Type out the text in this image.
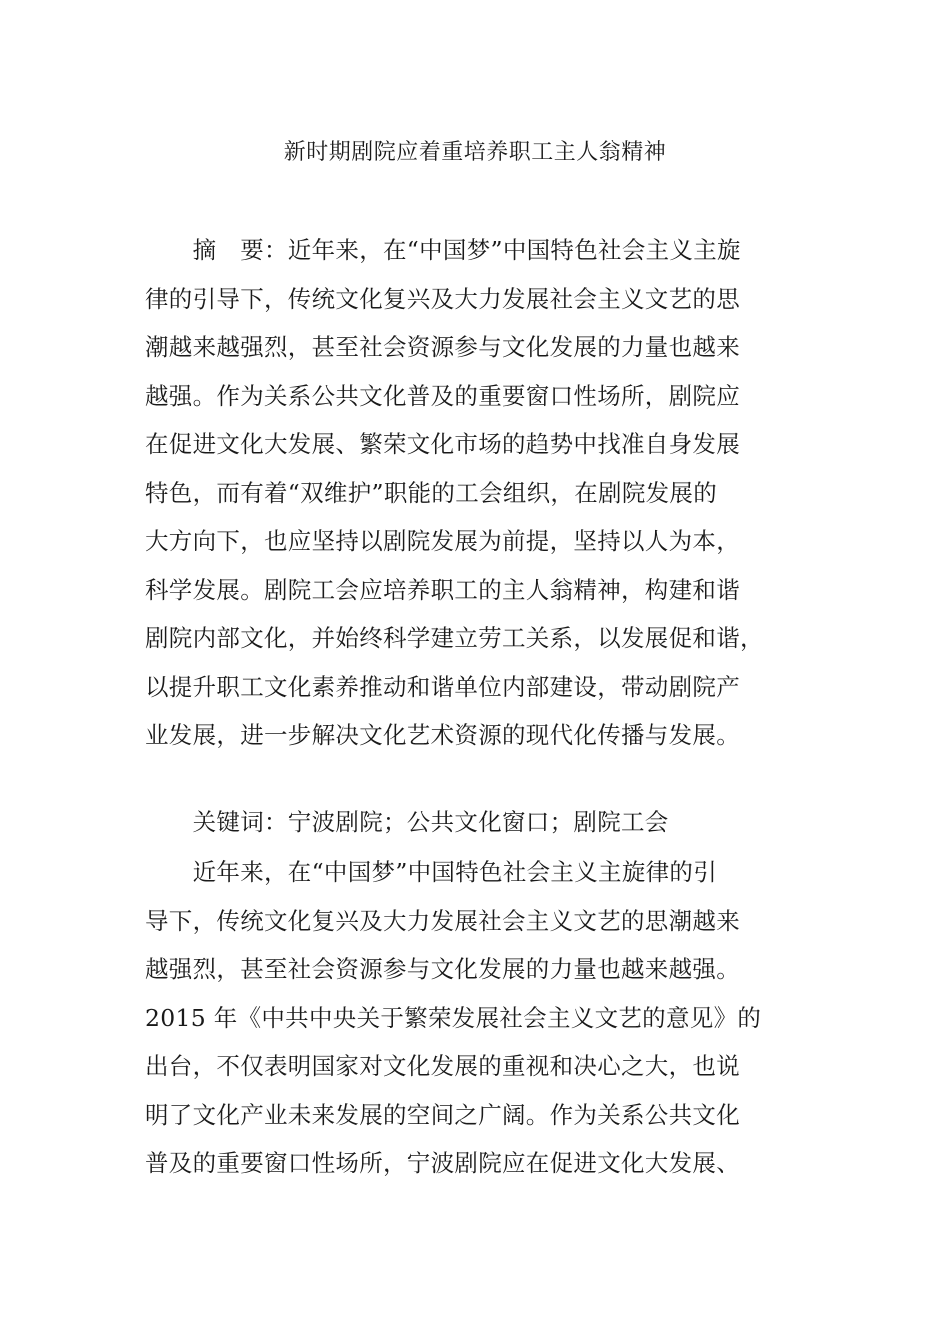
新时期剧院应着重培养职工主人翁精神
　　摘　要：近年来，在“中国梦”中国特色社会主义主旋
律的引导下，传统文化复兴及大力发展社会主义文艺的思
潮越来越强烈，甚至社会资源参与文化发展的力量也越来
越强。作为关系公共文化普及的重要窗口性场所，剧院应
在促进文化大发展、繁荣文化市场的趋势中找准自身发展
特色，而有着“双维护”职能的工会组织，在剧院发展的
大方向下，也应坚持以剧院发展为前提，坚持以人为本，
科学发展。剧院工会应培养职工的主人翁精神，构建和谐
剧院内部文化，并始终科学建立劳工关系，以发展促和谐，
以提升职工文化素养推动和谐单位内部建设，带动剧院产
业发展，进一步解决文化艺术资源的现代化传播与发展。
　　关键词：宁波剧院；公共文化窗口；剧院工会
　　近年来，在“中国梦”中国特色社会主义主旋律的引
导下，传统文化复兴及大力发展社会主义文艺的思潮越来
越强烈，甚至社会资源参与文化发展的力量也越来越强。
2015 年《中共中央关于繁荣发展社会主义文艺的意见》的
出台，不仅表明国家对文化发展的重视和决心之大，也说
明了文化产业未来发展的空间之广阔。作为关系公共文化
普及的重要窗口性场所，宁波剧院应在促进文化大发展、
